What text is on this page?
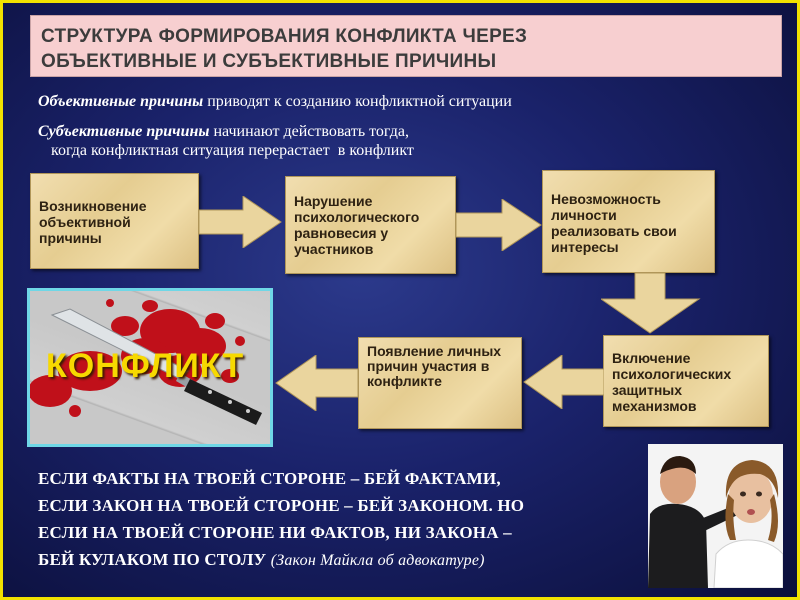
СТРУКТУРА ФОРМИРОВАНИЯ КОНФЛИКТА ЧЕРЕЗ
ОБЪЕКТИВНЫЕ И СУБЪЕКТИВНЫЕ ПРИЧИНЫ
Объективные причины приводят к созданию конфликтной ситуации
Субъективные причины начинают действовать тогда,
когда конфликтная ситуация перерастает  в конфликт
Возникновение объективной причины
Нарушение психологического равновесия у участников
Невозможность личности реализовать свои интересы
Включение психологических защитных механизмов
Появление личных причин участия в конфликте
КОНФЛИКТ
ЕСЛИ ФАКТЫ НА ТВОЕЙ СТОРОНЕ – БЕЙ ФАКТАМИ,
ЕСЛИ ЗАКОН НА ТВОЕЙ СТОРОНЕ – БЕЙ ЗАКОНОМ. НО
ЕСЛИ НА ТВОЕЙ СТОРОНЕ НИ ФАКТОВ, НИ ЗАКОНА –
БЕЙ КУЛАКОМ ПО СТОЛУ (Закон Майкла об адвокатуре)
